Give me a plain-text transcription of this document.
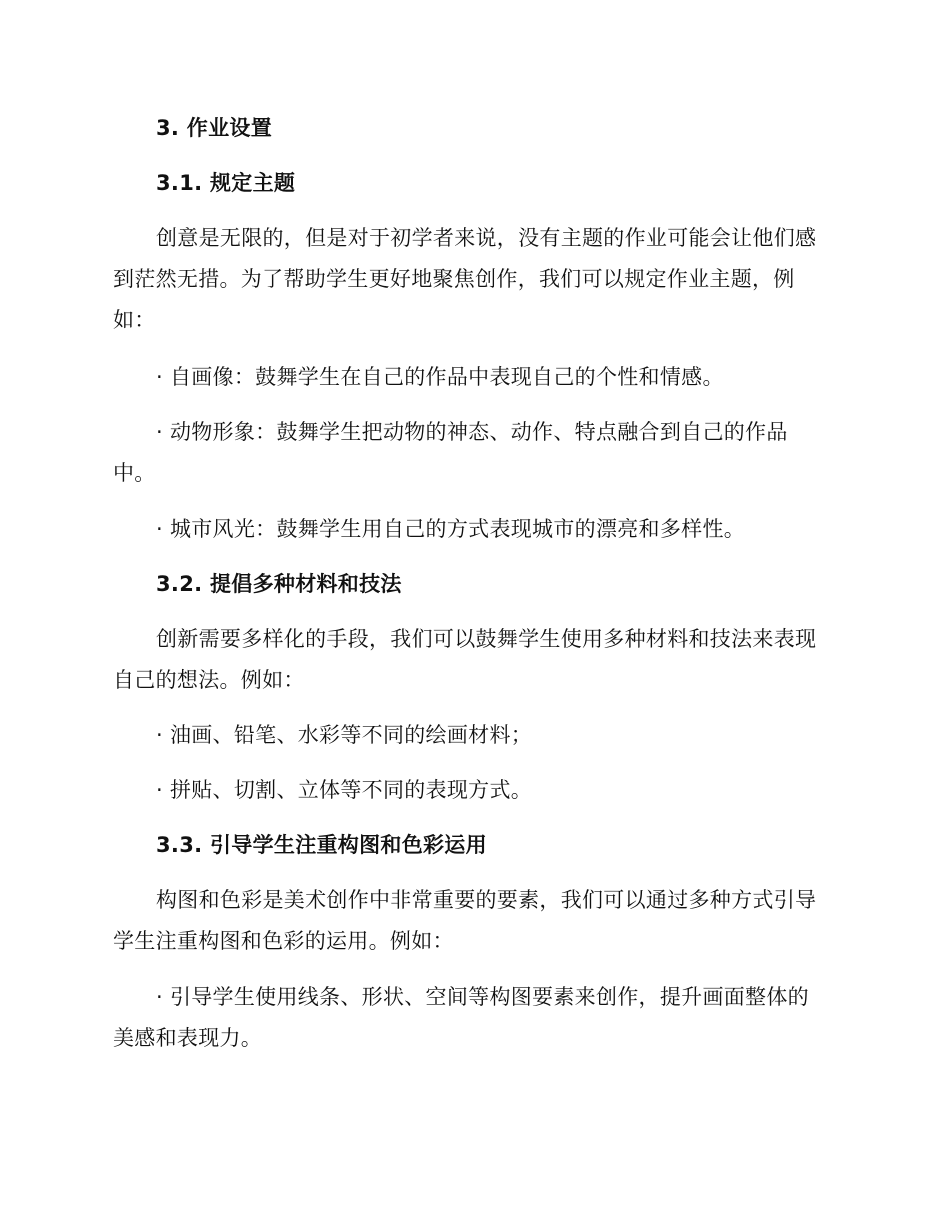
3. 作业设置
3.1. 规定主题
创意是无限的，但是对于初学者来说，没有主题的作业可能会让他们感
到茫然无措。为了帮助学生更好地聚焦创作，我们可以规定作业主题，例
如：
· 自画像：鼓舞学生在自己的作品中表现自己的个性和情感。
· 动物形象：鼓舞学生把动物的神态、动作、特点融合到自己的作品
中。
· 城市风光：鼓舞学生用自己的方式表现城市的漂亮和多样性。
3.2. 提倡多种材料和技法
创新需要多样化的手段，我们可以鼓舞学生使用多种材料和技法来表现
自己的想法。例如：
· 油画、铅笔、水彩等不同的绘画材料；
· 拼贴、切割、立体等不同的表现方式。
3.3. 引导学生注重构图和色彩运用
构图和色彩是美术创作中非常重要的要素，我们可以通过多种方式引导
学生注重构图和色彩的运用。例如：
· 引导学生使用线条、形状、空间等构图要素来创作，提升画面整体的
美感和表现力。
